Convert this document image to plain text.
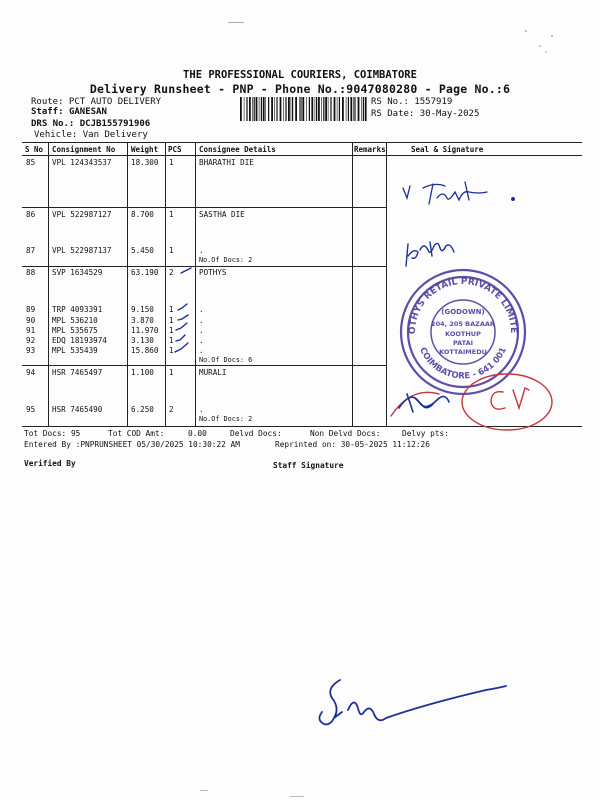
THE PROFESSIONAL COURIERS, COIMBATORE
Delivery Runsheet - PNP - Phone No.:9047080280 - Page No.:6
Route: PCT AUTO DELIVERY
Staff: GANESAN
DRS No.: DCJB155791906
Vehicle: Van Delivery
RS No.: 1557919
RS Date: 30-May-2025
S No Consignment No Weight PCS Consignee Details	Remarks	Seal & Signature
85 VPL 124343537	18.300 1	BHARATHI DIE
86 VPL 522987127	8.700 1	SASTHA DIE
87 VPL 522987137	5.450 1	.
No.Of Docs: 2
88 SVP 1634529	63.190 2	POTHYS
89 TRP 4093391	9.150 1	.
90 MPL 536210	3.870 1	.
91 MPL 535675	11.970 1	.
92 EDQ 18193974	3.130 1	.
93 MPL 535439	15.860 1	.
No.Of Docs: 6
94 HSR 7465497	1.100 1	MURALI
95 HSR 7465490	6.250 2	.
No.Of Docs: 2
Tot Docs: 95	Tot COD Amt:	0.00	Delvd Docs:	Non Delvd Docs:	Delvy pts:
Entered By :PNPRUNSHEET 05/30/2025 10:30:22 AM	Reprinted on: 30-05-2025 11:12:26
Verified By	Staff Signature
POTHYS RETAIL PRIVATE LIMITED
COIMBATORE - 641 001
(GODOWN)
204, 205 BAZAAR
KOOTHUP
PATAI
KOTTAIMEDU
